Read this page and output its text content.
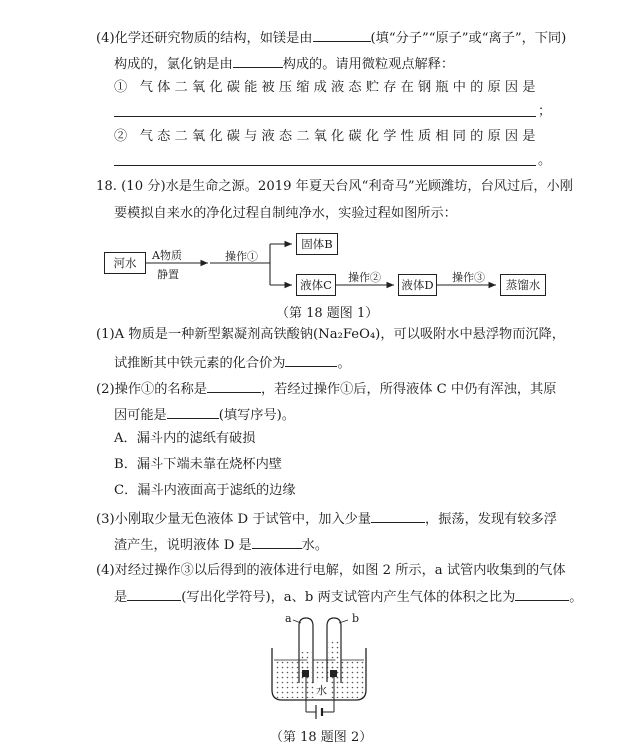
(4)化学还研究物质的结构，如镁是由	(填“分子”“原子”或“离子”，下同)
构成的，氯化钠是由	构成的。请用微粒观点解释：
① 气体二氧化碳能被压缩成液态贮存在钢瓶中的原因是
；
② 气态二氧化碳与液态二氧化碳化学性质相同的原因是
。
18. (10 分)水是生命之源。2019 年夏天台风“利奇马”光顾潍坊，台风过后，小刚
要模拟自来水的净化过程自制纯净水，实验过程如图所示：
河水
A物质
静置
操作①
固体B
液体C
操作②
液体D
操作③
蒸馏水
（第 18 题图 1）
(1)A 物质是一种新型絮凝剂高铁酸钠(Na₂FeO₄)，可以吸附水中悬浮物而沉降，
试推断其中铁元素的化合价为	。
(2)操作①的名称是	，若经过操作①后，所得液体 C 中仍有浑浊，其原
因可能是	(填写序号)。
A．漏斗内的滤纸有破损
B．漏斗下端未靠在烧杯内壁
C．漏斗内液面高于滤纸的边缘
(3)小刚取少量无色液体 D 于试管中，加入少量	，振荡，发现有较多浮
渣产生，说明液体 D 是	水。
(4)对经过操作③以后得到的液体进行电解，如图 2 所示，a 试管内收集到的气体
是	(写出化学符号)，a、b 两支试管内产生气体的体积之比为	。
a	b
水
（第 18 题图 2）
